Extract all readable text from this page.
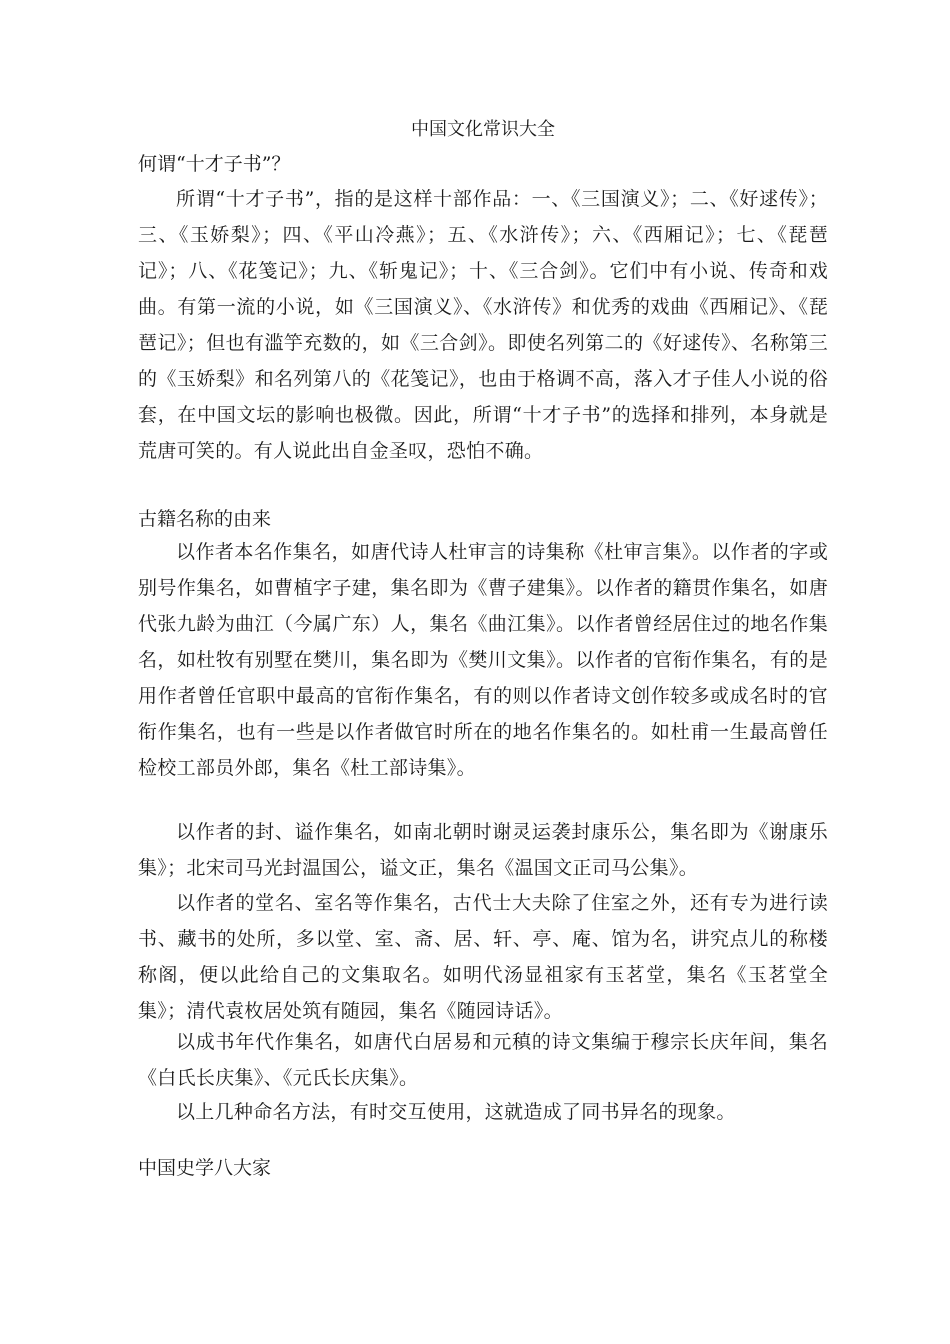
中国文化常识大全
何谓“十才子书”？
所谓“十才子书”，指的是这样十部作品：一、《三国演义》；二、《好逑传》；三、《玉娇梨》；四、《平山冷燕》；五、《水浒传》；六、《西厢记》；七、《琵琶记》；八、《花笺记》；九、《斩鬼记》；十、《三合剑》。它们中有小说、传奇和戏曲。有第一流的小说，如《三国演义》、《水浒传》和优秀的戏曲《西厢记》、《琵琶记》；但也有滥竽充数的，如《三合剑》。即使名列第二的《好逑传》、名称第三的《玉娇梨》和名列第八的《花笺记》，也由于格调不高，落入才子佳人小说的俗套，在中国文坛的影响也极微。因此，所谓“十才子书”的选择和排列，本身就是荒唐可笑的。有人说此出自金圣叹，恐怕不确。
古籍名称的由来
以作者本名作集名，如唐代诗人杜审言的诗集称《杜审言集》。以作者的字或别号作集名，如曹植字子建，集名即为《曹子建集》。以作者的籍贯作集名，如唐代张九龄为曲江（今属广东）人，集名《曲江集》。以作者曾经居住过的地名作集名，如杜牧有别墅在樊川，集名即为《樊川文集》。以作者的官衔作集名，有的是用作者曾任官职中最高的官衔作集名，有的则以作者诗文创作较多或成名时的官衔作集名，也有一些是以作者做官时所在的地名作集名的。如杜甫一生最高曾任检校工部员外郎，集名《杜工部诗集》。
以作者的封、谥作集名，如南北朝时谢灵运袭封康乐公，集名即为《谢康乐集》；北宋司马光封温国公，谥文正，集名《温国文正司马公集》。
以作者的堂名、室名等作集名，古代士大夫除了住室之外，还有专为进行读书、藏书的处所，多以堂、室、斋、居、轩、亭、庵、馆为名，讲究点儿的称楼称阁，便以此给自己的文集取名。如明代汤显祖家有玉茗堂，集名《玉茗堂全集》；清代袁枚居处筑有随园，集名《随园诗话》。
以成书年代作集名，如唐代白居易和元稹的诗文集编于穆宗长庆年间，集名《白氏长庆集》、《元氏长庆集》。
以上几种命名方法，有时交互使用，这就造成了同书异名的现象。
中国史学八大家
